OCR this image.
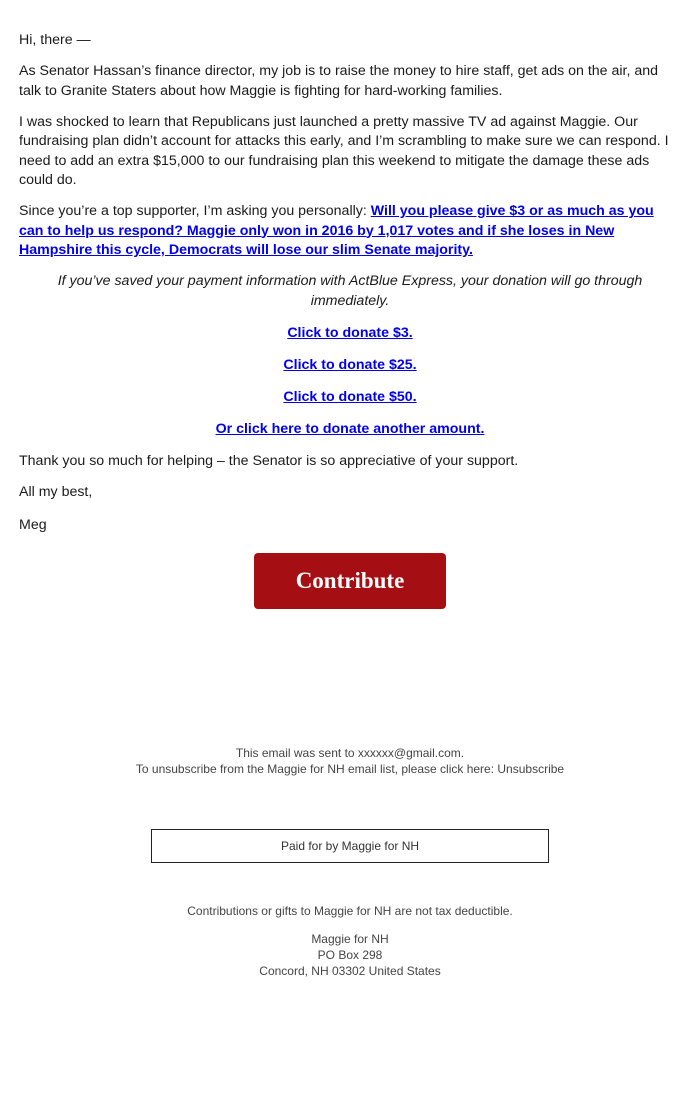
Hi, there —

As Senator Hassan’s finance director, my job is to raise the money to hire staff, get ads on the air, and talk to Granite Staters about how Maggie is fighting for hard-working families.

I was shocked to learn that Republicans just launched a pretty massive TV ad against Maggie. Our fundraising plan didn’t account for attacks this early, and I’m scrambling to make sure we can respond. I need to add an extra $15,000 to our fundraising plan this weekend to mitigate the damage these ads could do.

Since you’re a top supporter, I’m asking you personally: Will you please give $3 or as much as you can to help us respond? Maggie only won in 2016 by 1,017 votes and if she loses in New Hampshire this cycle, Democrats will lose our slim Senate majority.

If you’ve saved your payment information with ActBlue Express, your donation will go through immediately.

Click to donate $3.

Click to donate $25.

Click to donate $50.

Or click here to donate another amount.

Thank you so much for helping – the Senator is so appreciative of your support.

All my best,

Meg

Contribute
This email was sent to xxxxxx@gmail.com.
To unsubscribe from the Maggie for NH email list, please click here: Unsubscribe
Paid for by Maggie for NH
Contributions or gifts to Maggie for NH are not tax deductible.
Maggie for NH
PO Box 298
Concord, NH 03302 United States
